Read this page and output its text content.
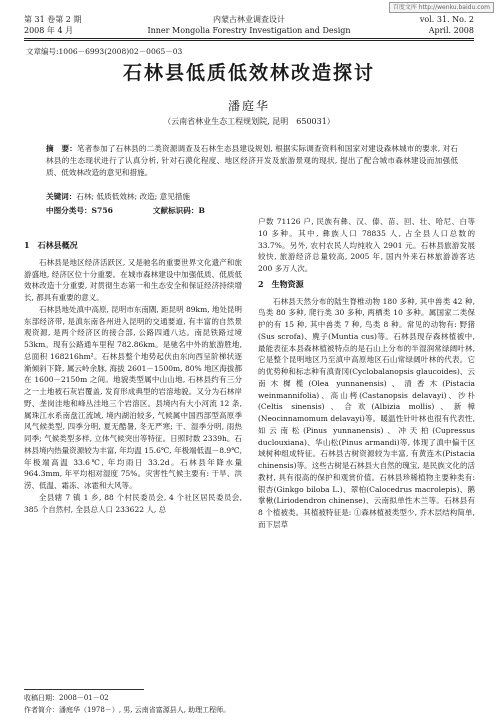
百度文库 http://wenku.baidu.com
第 31 卷第 2 期
2008 年 4 月
内蒙古林业调查设计
Inner Mongolia Forestry Investigation and Design
vol. 31. No. 2
April. 2008
文章编号:1006－6993(2008)02－0065－03
石林县低质低效林改造探讨
潘庭华
（云南省林业生态工程规划院, 昆明　650031）
摘　要：笔者参加了石林县的二类资源调查及石林生态县建设规划, 根据实际调查资料和国家对建设森林城市的要求, 对石林县的生态现状进行了认真分析, 针对石漠化程度、地区经济开发及旅游景观的现状, 提出了配合城市森林建设而加强低质、低效林改造的意见和措施。
关键词：石林; 低质低效林; 改造; 意见措施
中图分类号：S756	文献标识码：B
1　石林县概况

石林县是地区经济活跃区, 又是驰名的重要世界文化遗产和旅游盛地, 经济区位十分重要。在城市森林建设中加强低质、低质低效林改造十分重要, 对贯彻生态第一和生态安全和保证经济持续增长, 都具有重要的意义。

石林县地处滇中高原, 昆明市东南隅, 距昆明 89km, 地处昆明东部经济带, 是滇东南各州进入昆明的交通要道, 有丰富的自然景观资源, 是两个经济区的接合部, 公路四通八达。南昆铁路过境 53km。现有公路通车里程 782.86km。是驰名中外的旅游胜地, 总面积 168216hm²。石林县整个地势起伏由东向西呈阶梯状逐渐倾斜下降, 属云岭余脉, 海拔 2601－1500m, 80% 地区海拔都在 1600－2150m 之间。地貌类型属中山山地, 石林县约有三分之一土地被石灰岩覆盖, 发育形成典型的岩溶地貌。又分为石林岸野、垄岗洼地和峰丛洼地三个岩溶区。县境内有大小河流 12 条, 属珠江水系南盘江流域, 境内湖泊较多, 气候属中国西部型高原季风气候类型, 四季分明, 夏无酷暑, 冬无严寒; 干、湿季分明, 雨热同季; 气候类型多样, 立体气候突出等特征。日照时数 2339h。石林县境内热量资源较为丰富, 年均温 15.6℃, 年极端低温－8.9℃, 年极端高温 33.6℃, 年均雨日 33.2d。石林县年降水量 964.3mm, 年平均相对湿度 75%。灾害性气候主要有: 干旱、洪涝、低温、霜冻、冰雹和大风等。

全县辖 7 镇 1 乡, 88 个村民委员会, 4 个社区居民委员会, 385 个自然村, 全县总人口 233622 人, 总

户数 71126 户, 民族有彝、汉、傣、苗、回、壮、哈尼、白等 10 多种。其中, 彝族人口 78835 人, 占全县人口总数的 33.7%。另外, 农村农民人均纯收入 2901 元。石林县旅游发展较快, 旅游经济总量较高, 2005 年, 国内外来石林旅游游客达 200 多万人次。

2　生物资源

石林县天然分布的陆生脊椎动物 180 多种, 其中兽类 42 种, 鸟类 80 多种, 爬行类 30 多种, 两栖类 10 多种。属国家二类保护的有 15 种, 其中兽类 7 种, 鸟类 8 种。常见的动物有: 野猪(Sus scrofa)、麂子(Muntia cus)等。石林县现存森林植被中, 最能表征本县森林植被特点的是石山上分布的半湿润常绿阔叶林, 它是整个昆明地区乃至滇中高原地区石山常绿阔叶林的代表。它的优势种和标志种有滇青冈(Cyclobalanopsis glaucoides)、云南木樨榄(Olea yunnanensis)、清香木(Pistacia weinmannifolia)、高山栲(Castanopsis delavayi)、沙朴(Celtis sinensis)、合欢(Albizia mollis)、新樟(Neocinnamomum delavayi)等。暖温性针叶林也很有代表性, 如云南松(Pinus yunnanensis)、冲天柏(Cupressus duclouxiana)、华山松(Pinus armandi)等, 体现了滇中偏干区域树种组成特征。石林县古树资源较为丰富, 有黄连木(Pistacia chinensis)等。这些古树是石林县大自然的瑰宝, 是民族文化的活教材, 具有很高的保护和观赏价值。石林县珍稀植物主要种类有: 银杏(Ginkgo biloba L.)、翠柏(Calocedrus macrolepis)、鹅掌楸(Liriodendron chinense)、云南拟单性木兰等。石林县有 8 个植被类。其植被特征是: ①森林植被类型少, 乔木层结构简单, 而下层草

收稿日期：2008－01－02
作者简介：潘庭华（1978－）, 男, 云南省富源县人, 助理工程师。
